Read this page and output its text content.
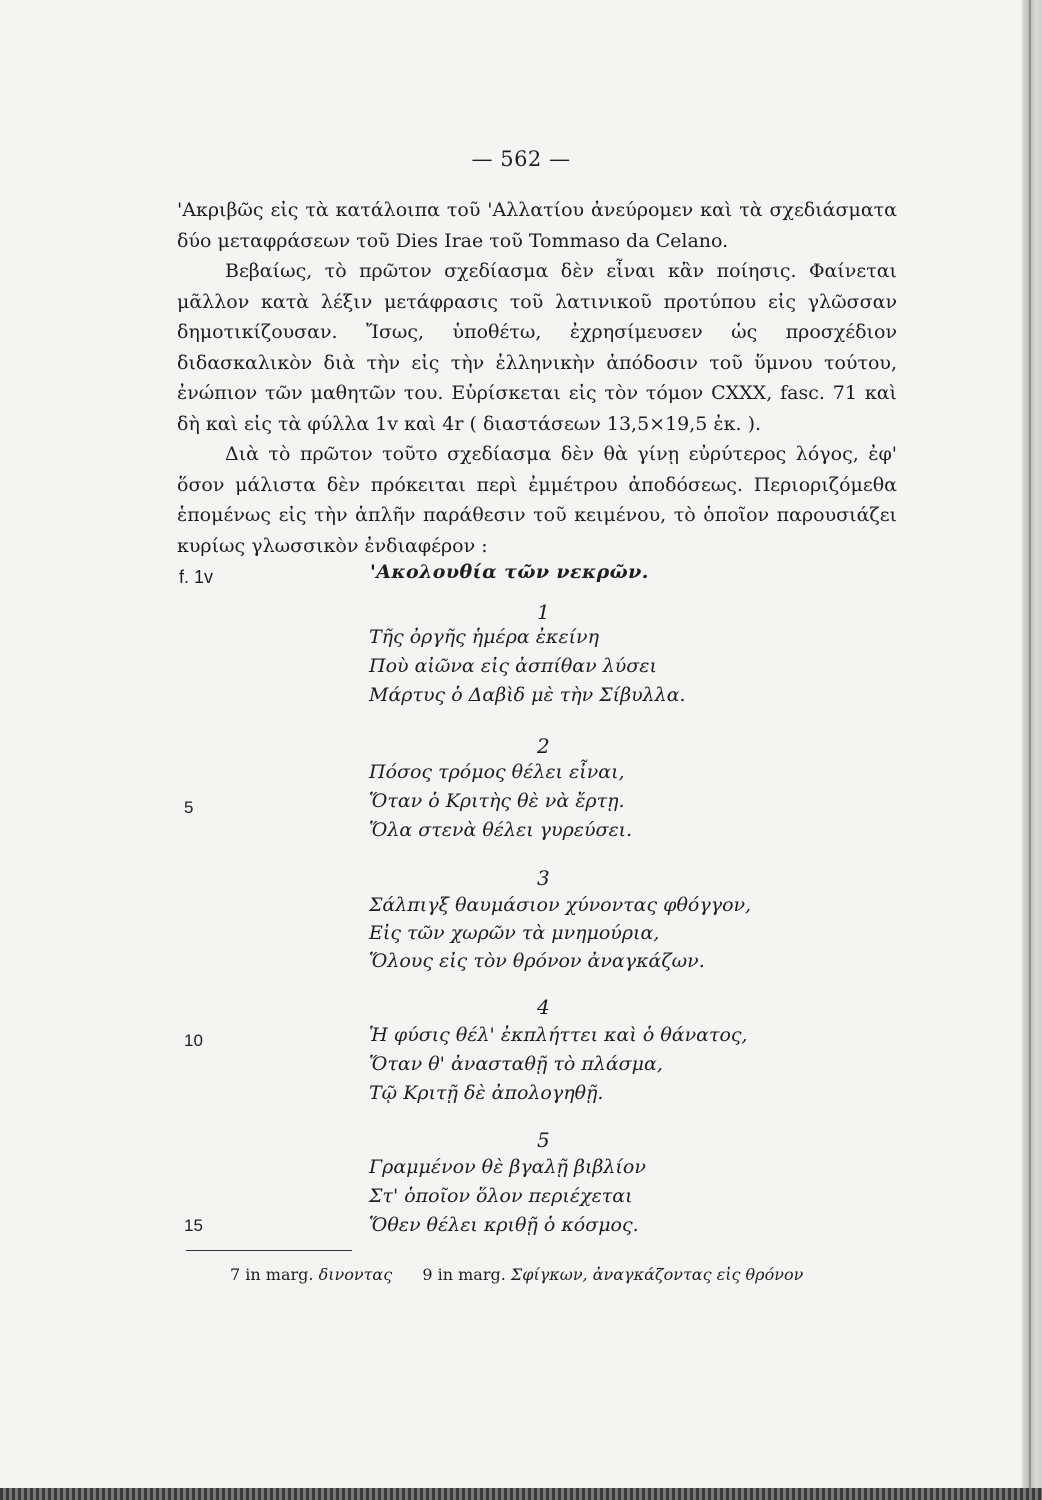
— 562 —

'Ακριβῶς εἰς τὰ κατάλοιπα τοῦ 'Αλλατίου ἀνεύρομεν καὶ τὰ σχεδιάσματα δύο μεταφράσεων τοῦ Dies Irae τοῦ Tommaso da Celano.

Βεβαίως, τὸ πρῶτον σχεδίασμα δὲν εἶναι κἂν ποίησις. Φαίνεται μᾶλλον κατὰ λέξιν μετάφρασις τοῦ λατινικοῦ προτύπου εἰς γλῶσσαν δημοτικίζουσαν. Ἴσως, ὑποθέτω, ἐχρησίμευσεν ὡς προσχέδιον διδασκαλικὸν διὰ τὴν εἰς τὴν ἑλληνικὴν ἀπόδοσιν τοῦ ὕμνου τούτου, ἐνώπιον τῶν μαθητῶν του. Εὑρίσκεται εἰς τὸν τόμον CXXX, fasc. 71 καὶ δὴ καὶ εἰς τὰ φύλλα 1v καὶ 4r ( διαστάσεων 13,5×19,5 ἐκ. ).

Διὰ τὸ πρῶτον τοῦτο σχεδίασμα δὲν θὰ γίνῃ εὐρύτερος λόγος, ἐφ' ὅσον μάλιστα δὲν πρόκειται περὶ ἐμμέτρου ἀποδόσεως. Περιοριζόμεθα ἑπομένως εἰς τὴν ἁπλῆν παράθεσιν τοῦ κειμένου, τὸ ὁποῖον παρουσιάζει κυρίως γλωσσικὸν ἐνδιαφέρον :

f. 1v	'Ακολουθία τῶν νεκρῶν.
1
Τῆς ὀργῆς ἡμέρα ἐκείνη
Ποὺ αἰῶνα εἰς ἀσπίθαν λύσει
Μάρτυς ὁ Δαβὶδ μὲ τὴν Σίβυλλα.
2
Πόσος τρόμος θέλει εἶναι,
Ὅταν ὁ Κριτὴς θὲ νὰ ἔρτῃ.
Ὅλα στενὰ θέλει γυρεύσει.
3
Σάλπιγξ θαυμάσιον χύνοντας φθόγγον,
Εἰς τῶν χωρῶν τὰ μνημούρια,
Ὅλους εἰς τὸν θρόνον ἀναγκάζων.
4
Ἡ φύσις θέλ' ἐκπλήττει καὶ ὁ θάνατος,
Ὅταν θ' ἀνασταθῇ τὸ πλάσμα,
Τῷ Κριτῇ δὲ ἀπολογηθῇ.
5
Γραμμένον θὲ βγαλῇ βιβλίον
Στ' ὁποῖον ὅλον περιέχεται
Ὅθεν θέλει κριθῇ ὁ κόσμος.
5
10
15
7 in marg. δινοντας 9 in marg. Σφίγκων, ἀναγκάζοντας εἰς θρόνον
